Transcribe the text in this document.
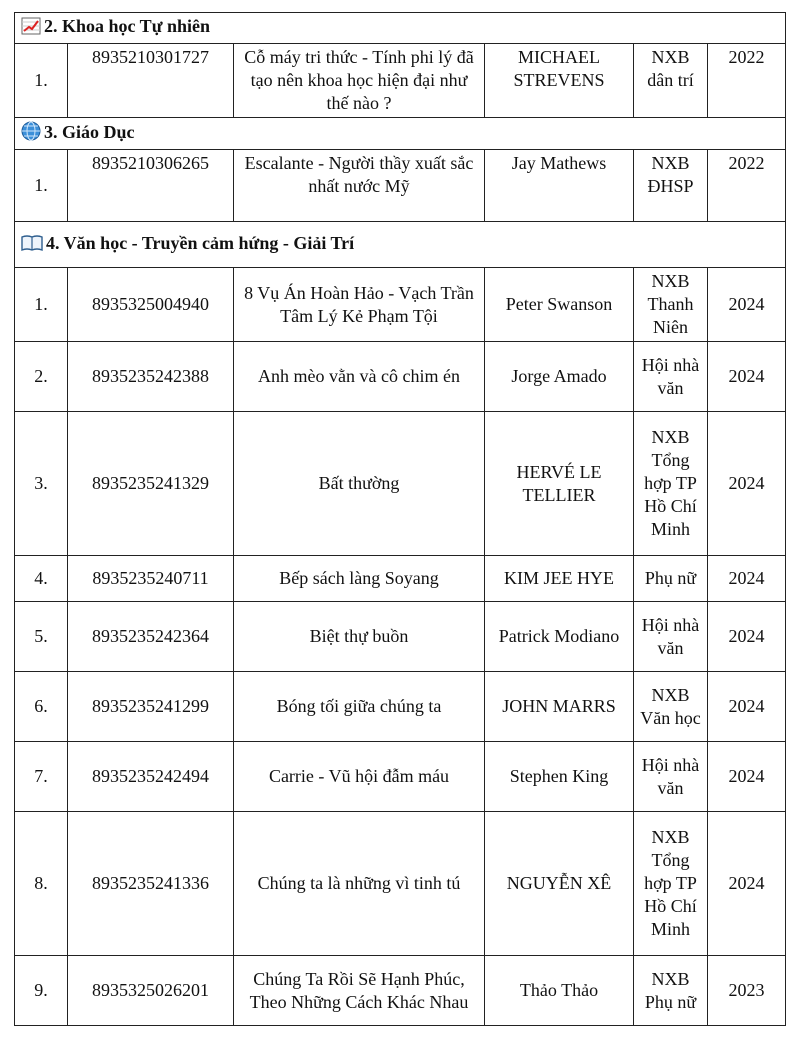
2. Khoa học Tự nhiên					
1.	8935210301727	Cỗ máy tri thức - Tính phi lý đã tạo nên khoa học hiện đại như thế nào ?	MICHAEL STREVENS	NXB dân trí	2022
3. Giáo Dục					
1.	8935210306265	Escalante - Người thầy xuất sắc nhất nước Mỹ	Jay Mathews	NXB ĐHSP	2022
4. Văn học - Truyền cảm hứng - Giải Trí					
1.	8935325004940	8 Vụ Án Hoàn Hảo - Vạch Trần Tâm Lý Kẻ Phạm Tội	Peter Swanson	NXB Thanh Niên	2024
2.	8935235242388	Anh mèo vằn và cô chim én	Jorge Amado	Hội nhà văn	2024
3.	8935235241329	Bất thường	HERVÉ LE TELLIER	NXB Tổng hợp TP Hồ Chí Minh	2024
4.	8935235240711	Bếp sách làng Soyang	KIM JEE HYE	Phụ nữ	2024
5.	8935235242364	Biệt thự buồn	Patrick Modiano	Hội nhà văn	2024
6.	8935235241299	Bóng tối giữa chúng ta	JOHN MARRS	NXB Văn học	2024
7.	8935235242494	Carrie - Vũ hội đẫm máu	Stephen King	Hội nhà văn	2024
8.	8935235241336	Chúng ta là những vì tinh tú	NGUYỄN XÊ	NXB Tổng hợp TP Hồ Chí Minh	2024
9.	8935325026201	Chúng Ta Rồi Sẽ Hạnh Phúc, Theo Những Cách Khác Nhau	Thảo Thảo	NXB Phụ nữ	2023
